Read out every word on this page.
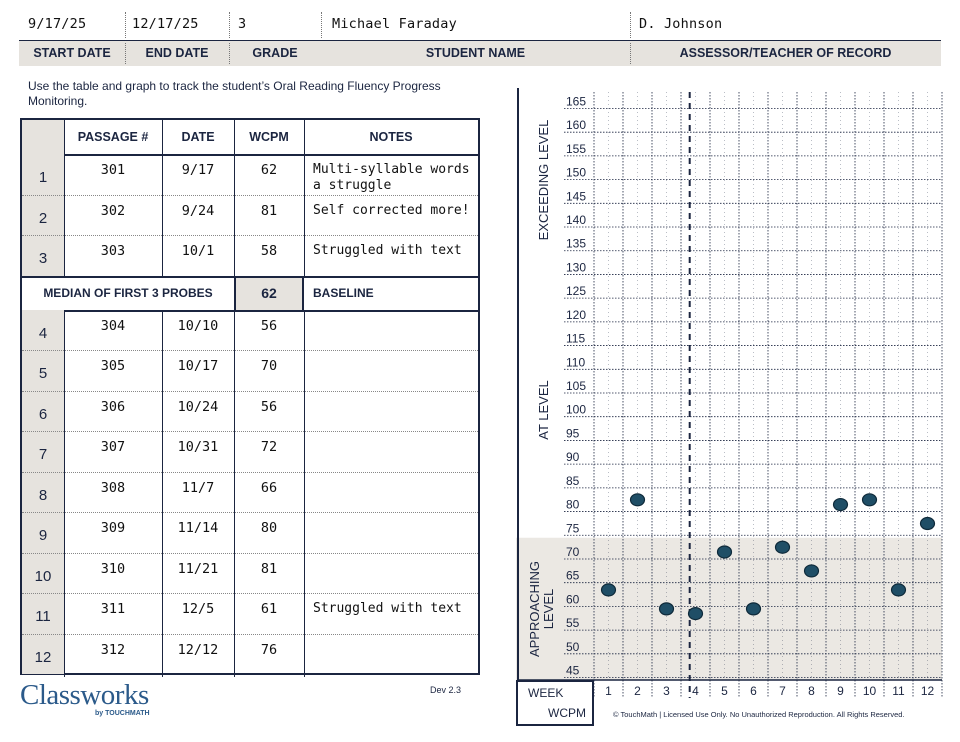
9/17/25	12/17/25	3	Michael Faraday	D. Johnson
START DATE	END DATE	GRADE	STUDENT NAME	ASSESSOR/TEACHER OF RECORD
Use the table and graph to track the student’s Oral Reading Fluency Progress Monitoring.
PASSAGE #	DATE	WCPM	NOTES
1	301	9/17	62	Multi-syllable words a struggle
2	302	9/24	81	Self corrected more!
3	303	10/1	58	Struggled with text
MEDIAN OF FIRST 3 PROBES	62	BASELINE
4	304	10/10	56
5	305	10/17	70
6	306	10/24	56
7	307	10/31	72
8	308	11/7	66
9	309	11/14	80
10	310	11/21	81
11	311	12/5	61	Struggled with text
12	312	12/12	76
Classworks
by TOUCHMATH
Dev 2.3
© TouchMath | Licensed Use Only. No Unauthorized Reproduction. All Rights Reserved.
45
50
55
60
65
70
75
80
85
90
95
100
105
110
115
120
125
130
135
140
145
150
155
160
165
1 2 3 4 5 6 7 8 9 10 11 12
EXCEEDING LEVEL
AT LEVEL
APPROACHING LEVEL
WEEK
WCPM
